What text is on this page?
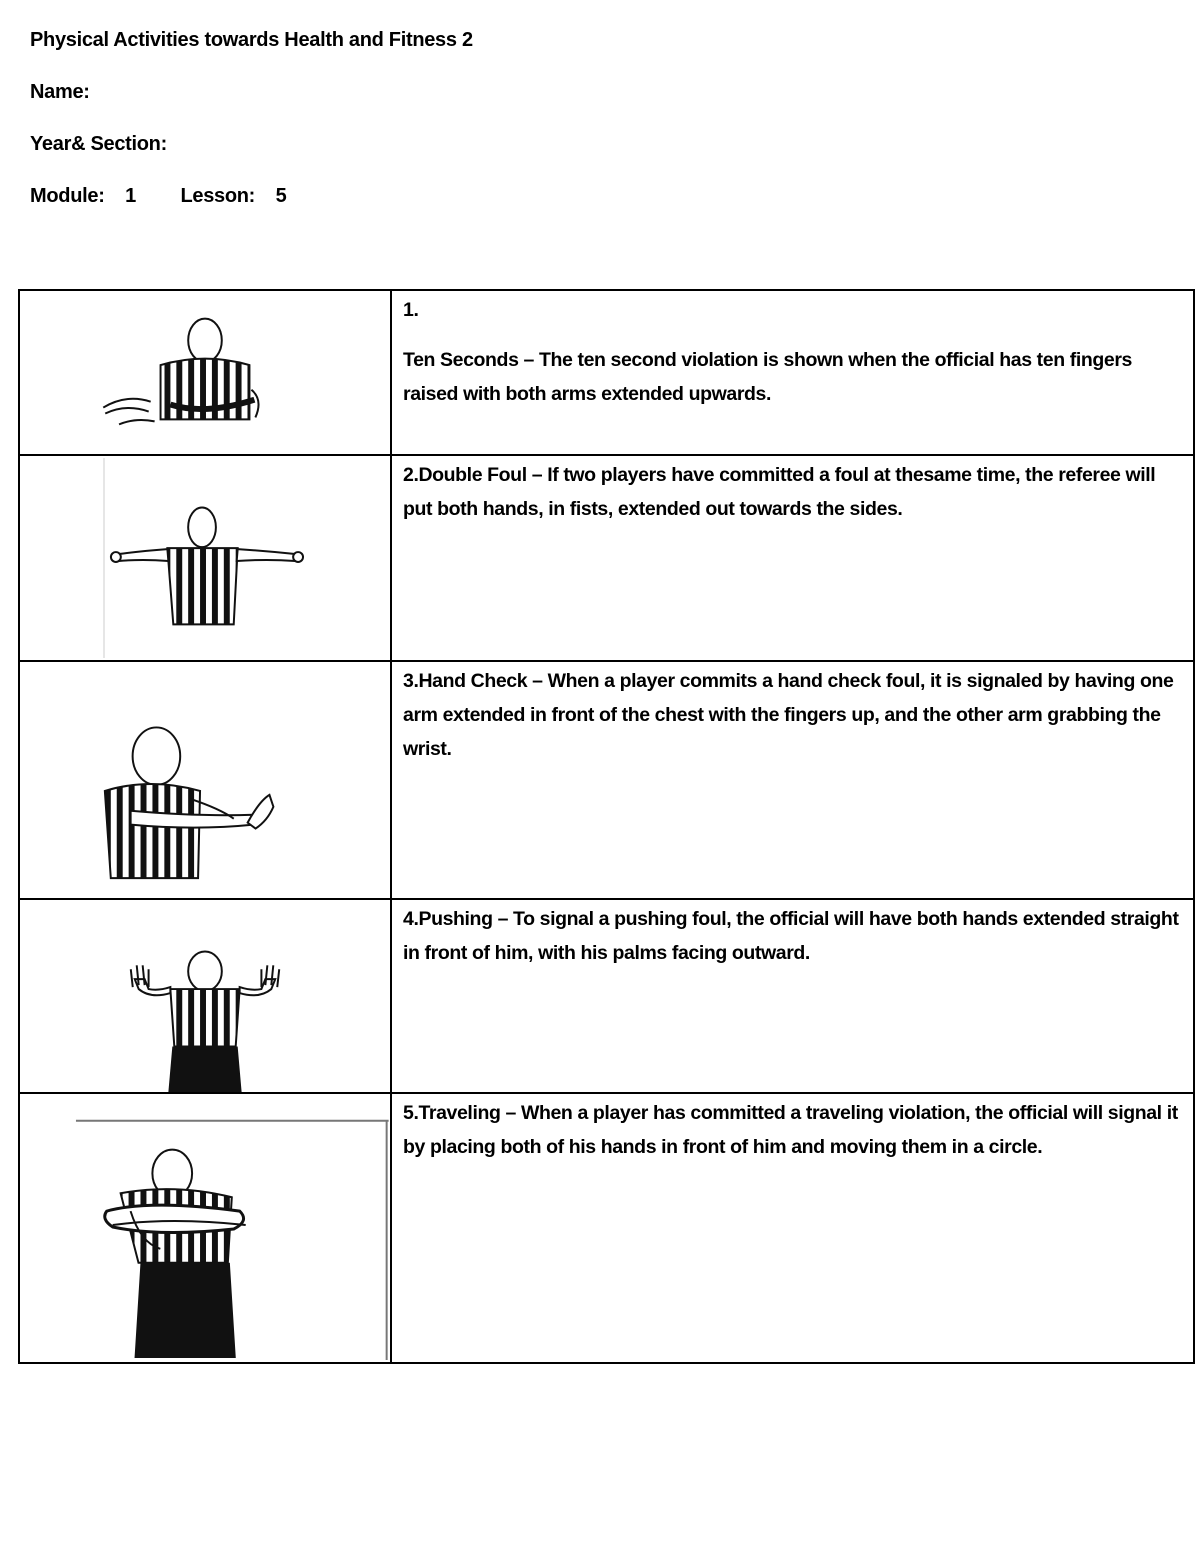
Physical Activities towards Health and Fitness 2
Name:
Year& Section:
Module: 1 Lesson: 5

1.
Ten Seconds – The ten second violation is shown when the official has ten fingers raised with both arms extended upwards.

	2.Double Foul – If two players have committed a foul at thesame time, the referee will put both hands, in fists, extended out towards the sides.

	3.Hand Check – When a player commits a hand check foul, it is signaled by having one arm extended in front of the chest with the fingers up, and the other arm grabbing the wrist.

	4.Pushing – To signal a pushing foul, the official will have both hands extended straight in front of him, with his palms facing outward.

	5.Traveling – When a player has committed a traveling violation, the official will signal it by placing both of his hands in front of him and moving them in a circle.
